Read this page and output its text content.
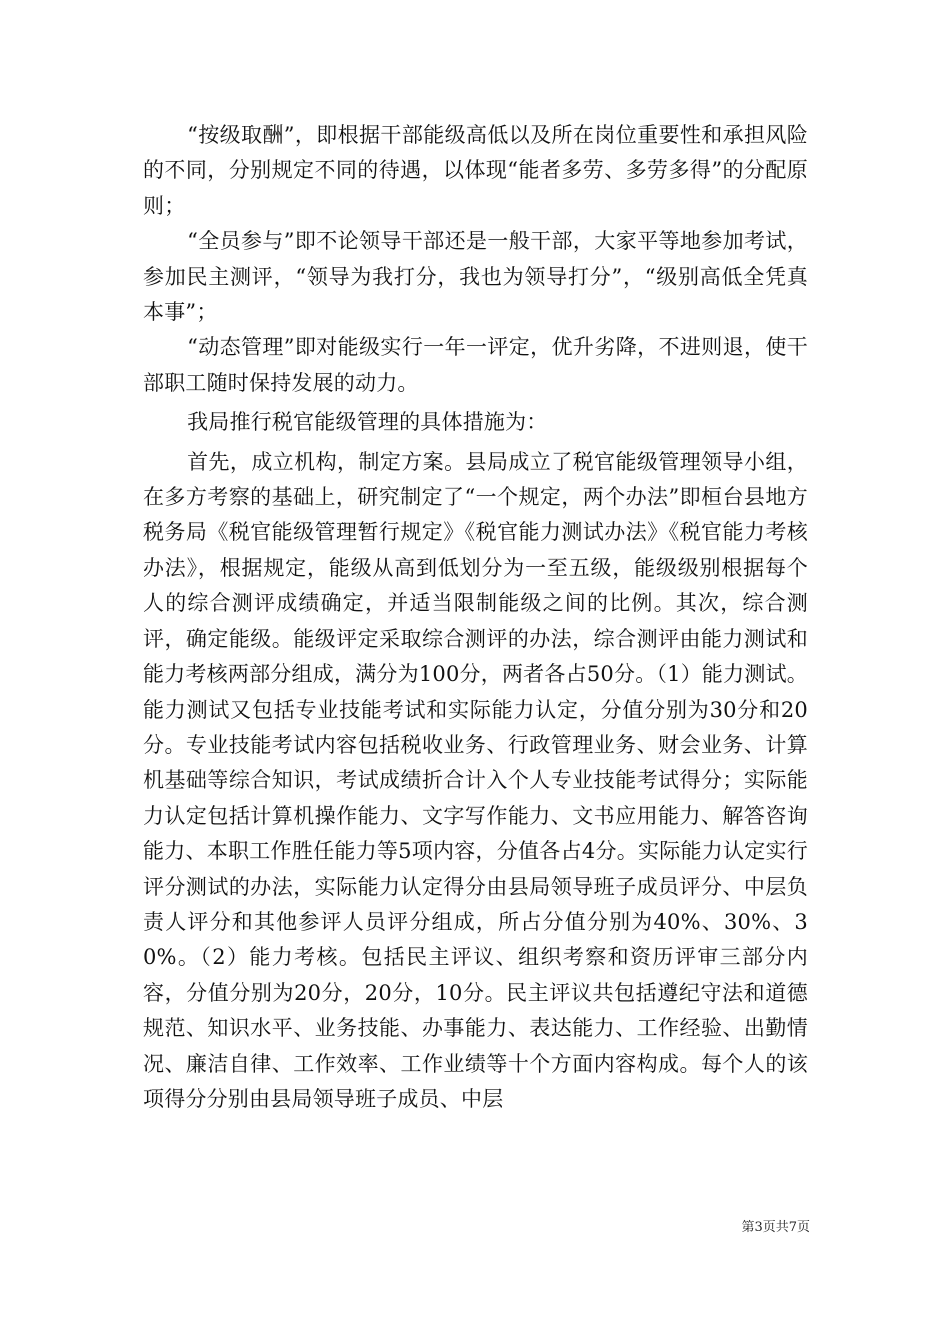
“按级取酬”，即根据干部能级高低以及所在岗位重要性和承担风险的不同，分别规定不同的待遇，以体现“能者多劳、多劳多得”的分配原则；

“全员参与”即不论领导干部还是一般干部，大家平等地参加考试，参加民主测评，“领导为我打分，我也为领导打分”，“级别高低全凭真本事”；

“动态管理”即对能级实行一年一评定，优升劣降，不进则退，使干部职工随时保持发展的动力。

我局推行税官能级管理的具体措施为：

首先，成立机构，制定方案。县局成立了税官能级管理领导小组，在多方考察的基础上，研究制定了“一个规定，两个办法”即桓台县地方税务局《税官能级管理暂行规定》《税官能力测试办法》《税官能力考核办法》，根据规定，能级从高到低划分为一至五级，能级级别根据每个人的综合测评成绩确定，并适当限制能级之间的比例。其次，综合测评，确定能级。能级评定采取综合测评的办法，综合测评由能力测试和能力考核两部分组成，满分为100分，两者各占50分。（1）能力测试。能力测试又包括专业技能考试和实际能力认定，分值分别为30分和20分。专业技能考试内容包括税收业务、行政管理业务、财会业务、计算机基础等综合知识，考试成绩折合计入个人专业技能考试得分；实际能力认定包括计算机操作能力、文字写作能力、文书应用能力、解答咨询能力、本职工作胜任能力等5项内容，分值各占4分。实际能力认定实行评分测试的办法，实际能力认定得分由县局领导班子成员评分、中层负责人评分和其他参评人员评分组成，所占分值分别为40%、30%、30%。（2）能力考核。包括民主评议、组织考察和资历评审三部分内容，分值分别为20分，20分，10分。民主评议共包括遵纪守法和道德规范、知识水平、业务技能、办事能力、表达能力、工作经验、出勤情况、廉洁自律、工作效率、工作业绩等十个方面内容构成。每个人的该项得分分别由县局领导班子成员、中层

第3页共7页
